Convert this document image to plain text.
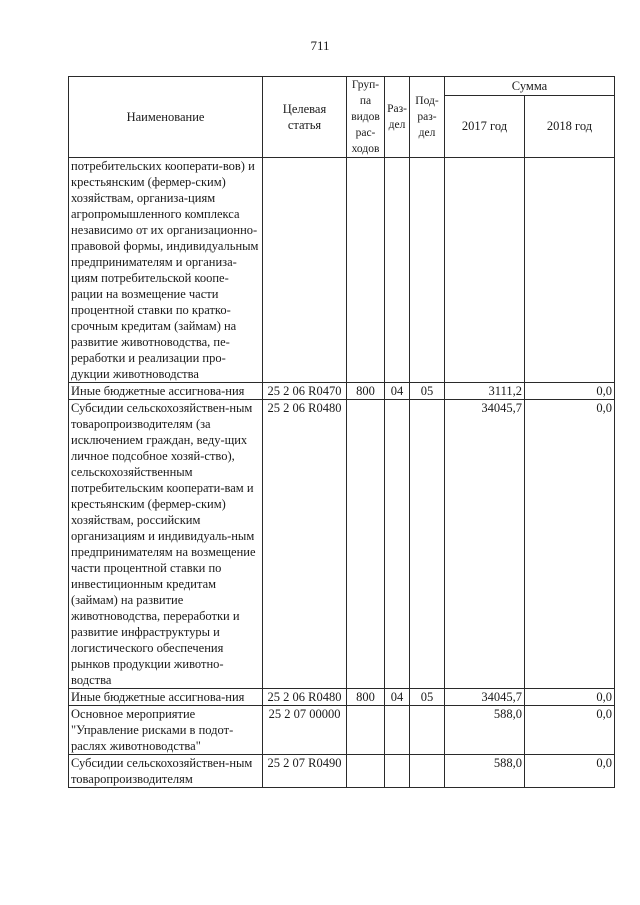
711
Наименование	Целевая статья	Груп-па видов рас-ходов	Раз-дел	Под-раз-дел	Сумма	
					2017 год	2018 год
потребительских кооперати-вов) и крестьянским (фермер-ским) хозяйствам, организа-циям агропромышленного комплекса независимо от их организационно-правовой формы, индивидуальным предпринимателям и организа-циям потребительской коопе-рации на возмещение части процентной ставки по кратко-срочным кредитам (займам) на развитие животноводства, пе-реработки и реализации про-дукции животноводства						
Иные бюджетные ассигнова-ния	25 2 06 R0470	800	04	05	3111,2	0,0
Субсидии сельскохозяйствен-ным товаропроизводителям (за исключением граждан, веду-щих личное подсобное хозяй-ство), сельскохозяйственным потребительским кооперати-вам и крестьянским (фермер-ским) хозяйствам, российским организациям и индивидуаль-ным предпринимателям на возмещение части процентной ставки по инвестиционным кредитам (займам) на развитие животноводства, переработки и развитие инфраструктуры и логистического обеспечения рынков продукции животно-водства	25 2 06 R0480				34045,7	0,0
Иные бюджетные ассигнова-ния	25 2 06 R0480	800	04	05	34045,7	0,0
Основное мероприятие "Управление рисками в подот-раслях животноводства"	25 2 07 00000				588,0	0,0
Субсидии сельскохозяйствен-ным товаропроизводителям	25 2 07 R0490				588,0	0,0
